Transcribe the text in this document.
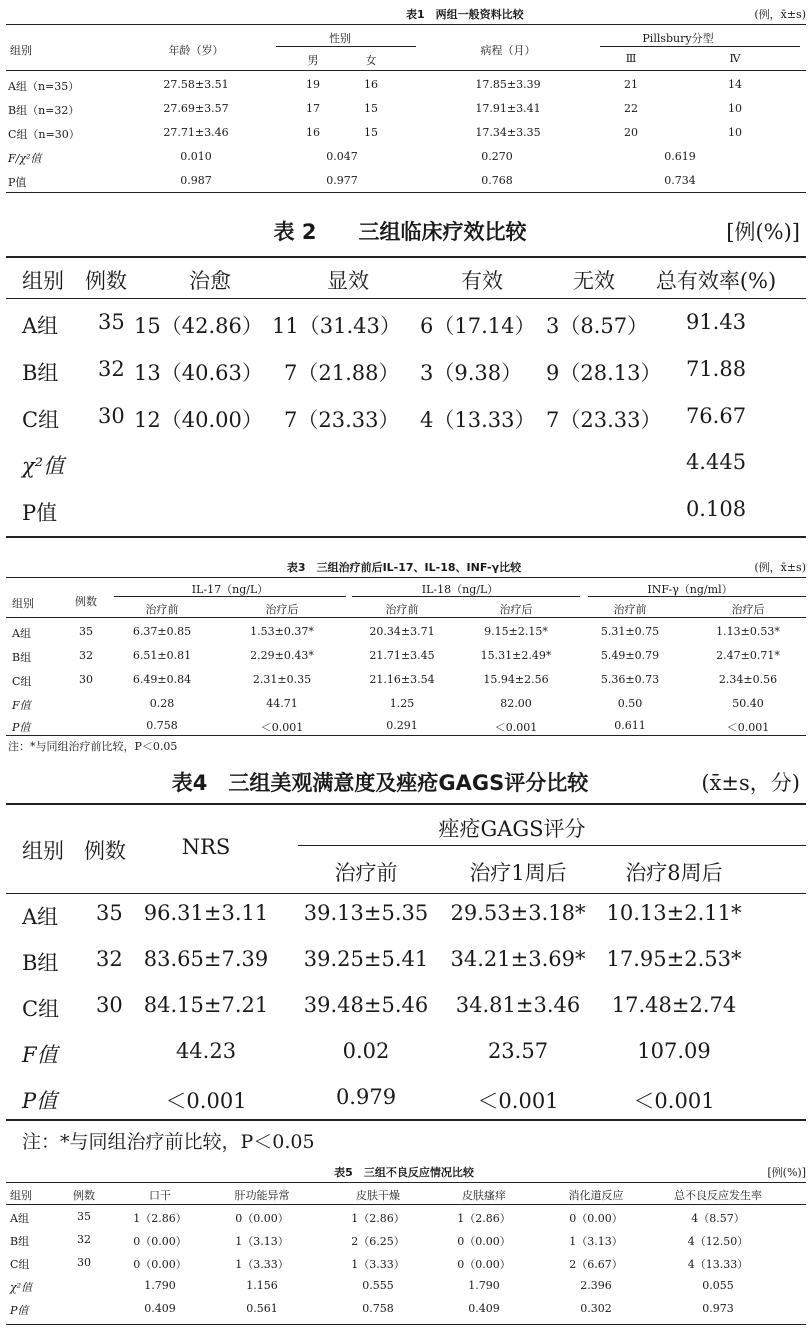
表1　两组一般资料比较	(例，x̄±s)
组别	年龄（岁）
性别
男	女
病程（月）
Pillsbury分型
Ⅲ	Ⅳ
A组（n=35）	27.58±3.51	19	16	17.85±3.39	21	14
B组（n=32）	27.69±3.57	17	15	17.91±3.41	22	10
C组（n=30）	27.71±3.46	16	15	17.34±3.35	20	10
F/χ²值	0.010	0.047	0.270	0.619
P值	0.987	0.977	0.768	0.734
表 2　　三组临床疗效比较	[例(%)]
组别 例数	治愈	显效	有效	无效 总有效率(%)
A组 35 15（42.86） 11（31.43） 6（17.14） 3（8.57） 91.43
B组 32 13（40.63） 7（21.88） 3（9.38） 9（28.13） 71.88
C组 30 12（40.00） 7（23.33） 4（13.33） 7（23.33） 76.67
χ²值	4.445
P值	0.108
表3　三组治疗前后IL-17、IL-18、INF-γ比较	(例，x̄±s)
组别	例数
IL-17（ng/L）	IL-18（ng/L）	INF-γ（ng/ml）
治疗前	治疗后	治疗前	治疗后	治疗前	治疗后
A组	35	6.37±0.85	1.53±0.37*	20.34±3.71	9.15±2.15*	5.31±0.75	1.13±0.53*
B组	32	6.51±0.81	2.29±0.43*	21.71±3.45	15.31±2.49*	5.49±0.79	2.47±0.71*
C组	30	6.49±0.84	2.31±0.35	21.16±3.54	15.94±2.56	5.36±0.73	2.34±0.56
F值	0.28	44.71	1.25	82.00	0.50	50.40
P值	0.758	＜0.001	0.291	＜0.001	0.611	＜0.001
注：*与同组治疗前比较，P＜0.05
表4　三组美观满意度及痤疮GAGS评分比较	(x̄±s，分)
组别 例数	NRS
痤疮GAGS评分
治疗前	治疗1周后	治疗8周后
A组 35 96.31±3.11 39.13±5.35 29.53±3.18* 10.13±2.11*
B组 32 83.65±7.39 39.25±5.41 34.21±3.69* 17.95±2.53*
C组 30 84.15±7.21 39.48±5.46 34.81±3.46 17.48±2.74
F值	44.23	0.02	23.57	107.09
P值	＜0.001	0.979	＜0.001	＜0.001
注：*与同组治疗前比较，P＜0.05
表5　三组不良反应情况比较	[例(%)]
组别	例数	口干	肝功能异常	皮肤干燥	皮肤瘙痒	消化道反应	总不良反应发生率
A组	35	1（2.86）	0（0.00）	1（2.86）	1（2.86）	0（0.00）	4（8.57）
B组	32	0（0.00）	1（3.13）	2（6.25）	0（0.00）	1（3.13）	4（12.50）
C组	30	0（0.00）	1（3.33）	1（3.33）	0（0.00）	2（6.67）	4（13.33）
χ²值	1.790	1.156	0.555	1.790	2.396	0.055
P值	0.409	0.561	0.758	0.409	0.302	0.973
